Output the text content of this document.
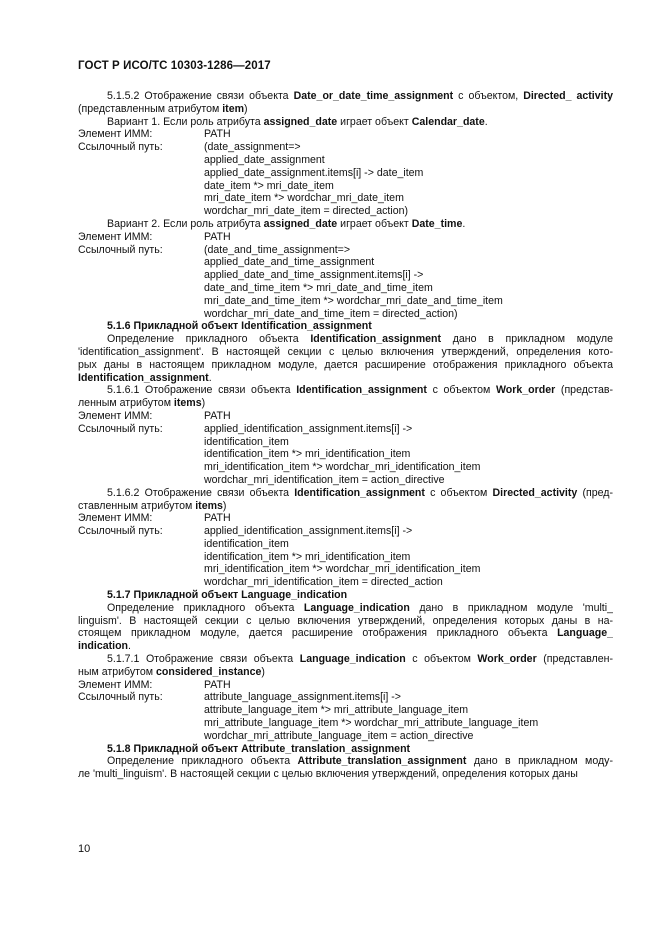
ГОСТ Р ИСО/ТС 10303-1286—2017
5.1.5.2 Отображение связи объекта Date_or_date_time_assignment с объектом, Directed_ activity
(представленным атрибутом item)
Вариант 1. Если роль атрибута assigned_date играет объект Calendar_date.
Элемент ИММ:	PATH
Ссылочный путь:	(date_assignment=>
applied_date_assignment
applied_date_assignment.items[i] -> date_item
date_item *> mri_date_item
mri_date_item *> wordchar_mri_date_item
wordchar_mri_date_item = directed_action)
Вариант 2. Если роль атрибута assigned_date играет объект Date_time.
Элемент ИММ:	PATH
Ссылочный путь:	(date_and_time_assignment=>
applied_date_and_time_assignment
applied_date_and_time_assignment.items[i] ->
date_and_time_item *> mri_date_and_time_item
mri_date_and_time_item *> wordchar_mri_date_and_time_item
wordchar_mri_date_and_time_item = directed_action)
5.1.6 Прикладной объект Identification_assignment
Определение прикладного объекта Identification_assignment дано в прикладном модуле
'identification_assignment'. В настоящей секции с целью включения утверждений, определения кото-
рых даны в настоящем прикладном модуле, дается расширение отображения прикладного объекта
Identification_assignment.
5.1.6.1 Отображение связи объекта Identification_assignment с объектом Work_order (представ-
ленным атрибутом items)
Элемент ИММ:	PATH
Ссылочный путь:	applied_identification_assignment.items[i] ->
identification_item
identification_item *> mri_identification_item
mri_identification_item *> wordchar_mri_identification_item
wordchar_mri_identification_item = action_directive
5.1.6.2 Отображение связи объекта Identification_assignment с объектом Directed_activity (пред-
ставленным атрибутом items)
Элемент ИММ:	PATH
Ссылочный путь:	applied_identification_assignment.items[i] ->
identification_item
identification_item *> mri_identification_item
mri_identification_item *> wordchar_mri_identification_item
wordchar_mri_identification_item = directed_action
5.1.7 Прикладной объект Language_indication
Определение прикладного объекта Language_indication дано в прикладном модуле 'multi_
linguism'. В настоящей секции с целью включения утверждений, определения которых даны в на-
стоящем прикладном модуле, дается расширение отображения прикладного объекта Language_
indication.
5.1.7.1 Отображение связи объекта Language_indication с объектом Work_order (представлен-
ным атрибутом considered_instance)
Элемент ИММ:	PATH
Ссылочный путь:	attribute_language_assignment.items[i] ->
attribute_language_item *> mri_attribute_language_item
mri_attribute_language_item *> wordchar_mri_attribute_language_item
wordchar_mri_attribute_language_item = action_directive
5.1.8 Прикладной объект Attribute_translation_assignment
Определение прикладного объекта Attribute_translation_assignment дано в прикладном моду-
ле 'multi_linguism'. В настоящей секции с целью включения утверждений, определения которых даны
10
